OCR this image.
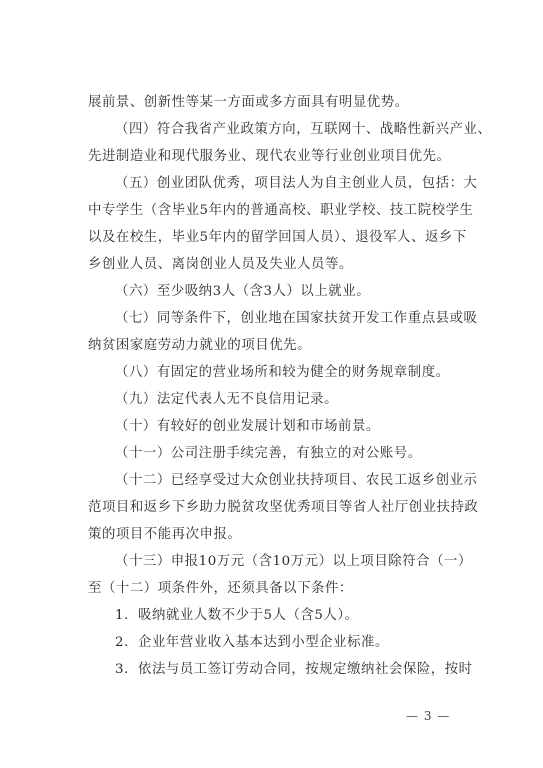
展前景、创新性等某一方面或多方面具有明显优势。
（四）符合我省产业政策方向，互联网十、战略性新兴产业、
先进制造业和现代服务业、现代农业等行业创业项目优先。
（五）创业团队优秀，项目法人为自主创业人员，包括：大
中专学生（含毕业5年内的普通高校、职业学校、技工院校学生
以及在校生，毕业5年内的留学回国人员）、退役军人、返乡下
乡创业人员、离岗创业人员及失业人员等。
（六）至少吸纳3人（含3人）以上就业。
（七）同等条件下，创业地在国家扶贫开发工作重点县或吸
纳贫困家庭劳动力就业的项目优先。
（八）有固定的营业场所和较为健全的财务规章制度。
（九）法定代表人无不良信用记录。
（十）有较好的创业发展计划和市场前景。
（十一）公司注册手续完善，有独立的对公账号。
（十二）已经享受过大众创业扶持项目、农民工返乡创业示
范项目和返乡下乡助力脱贫攻坚优秀项目等省人社厅创业扶持政
策的项目不能再次申报。
（十三）申报10万元（含10万元）以上项目除符合（一）
至（十二）项条件外，还须具备以下条件：
1．吸纳就业人数不少于5人（含5人）。
2．企业年营业收入基本达到小型企业标准。
3．依法与员工签订劳动合同，按规定缴纳社会保险，按时
— 3 —
